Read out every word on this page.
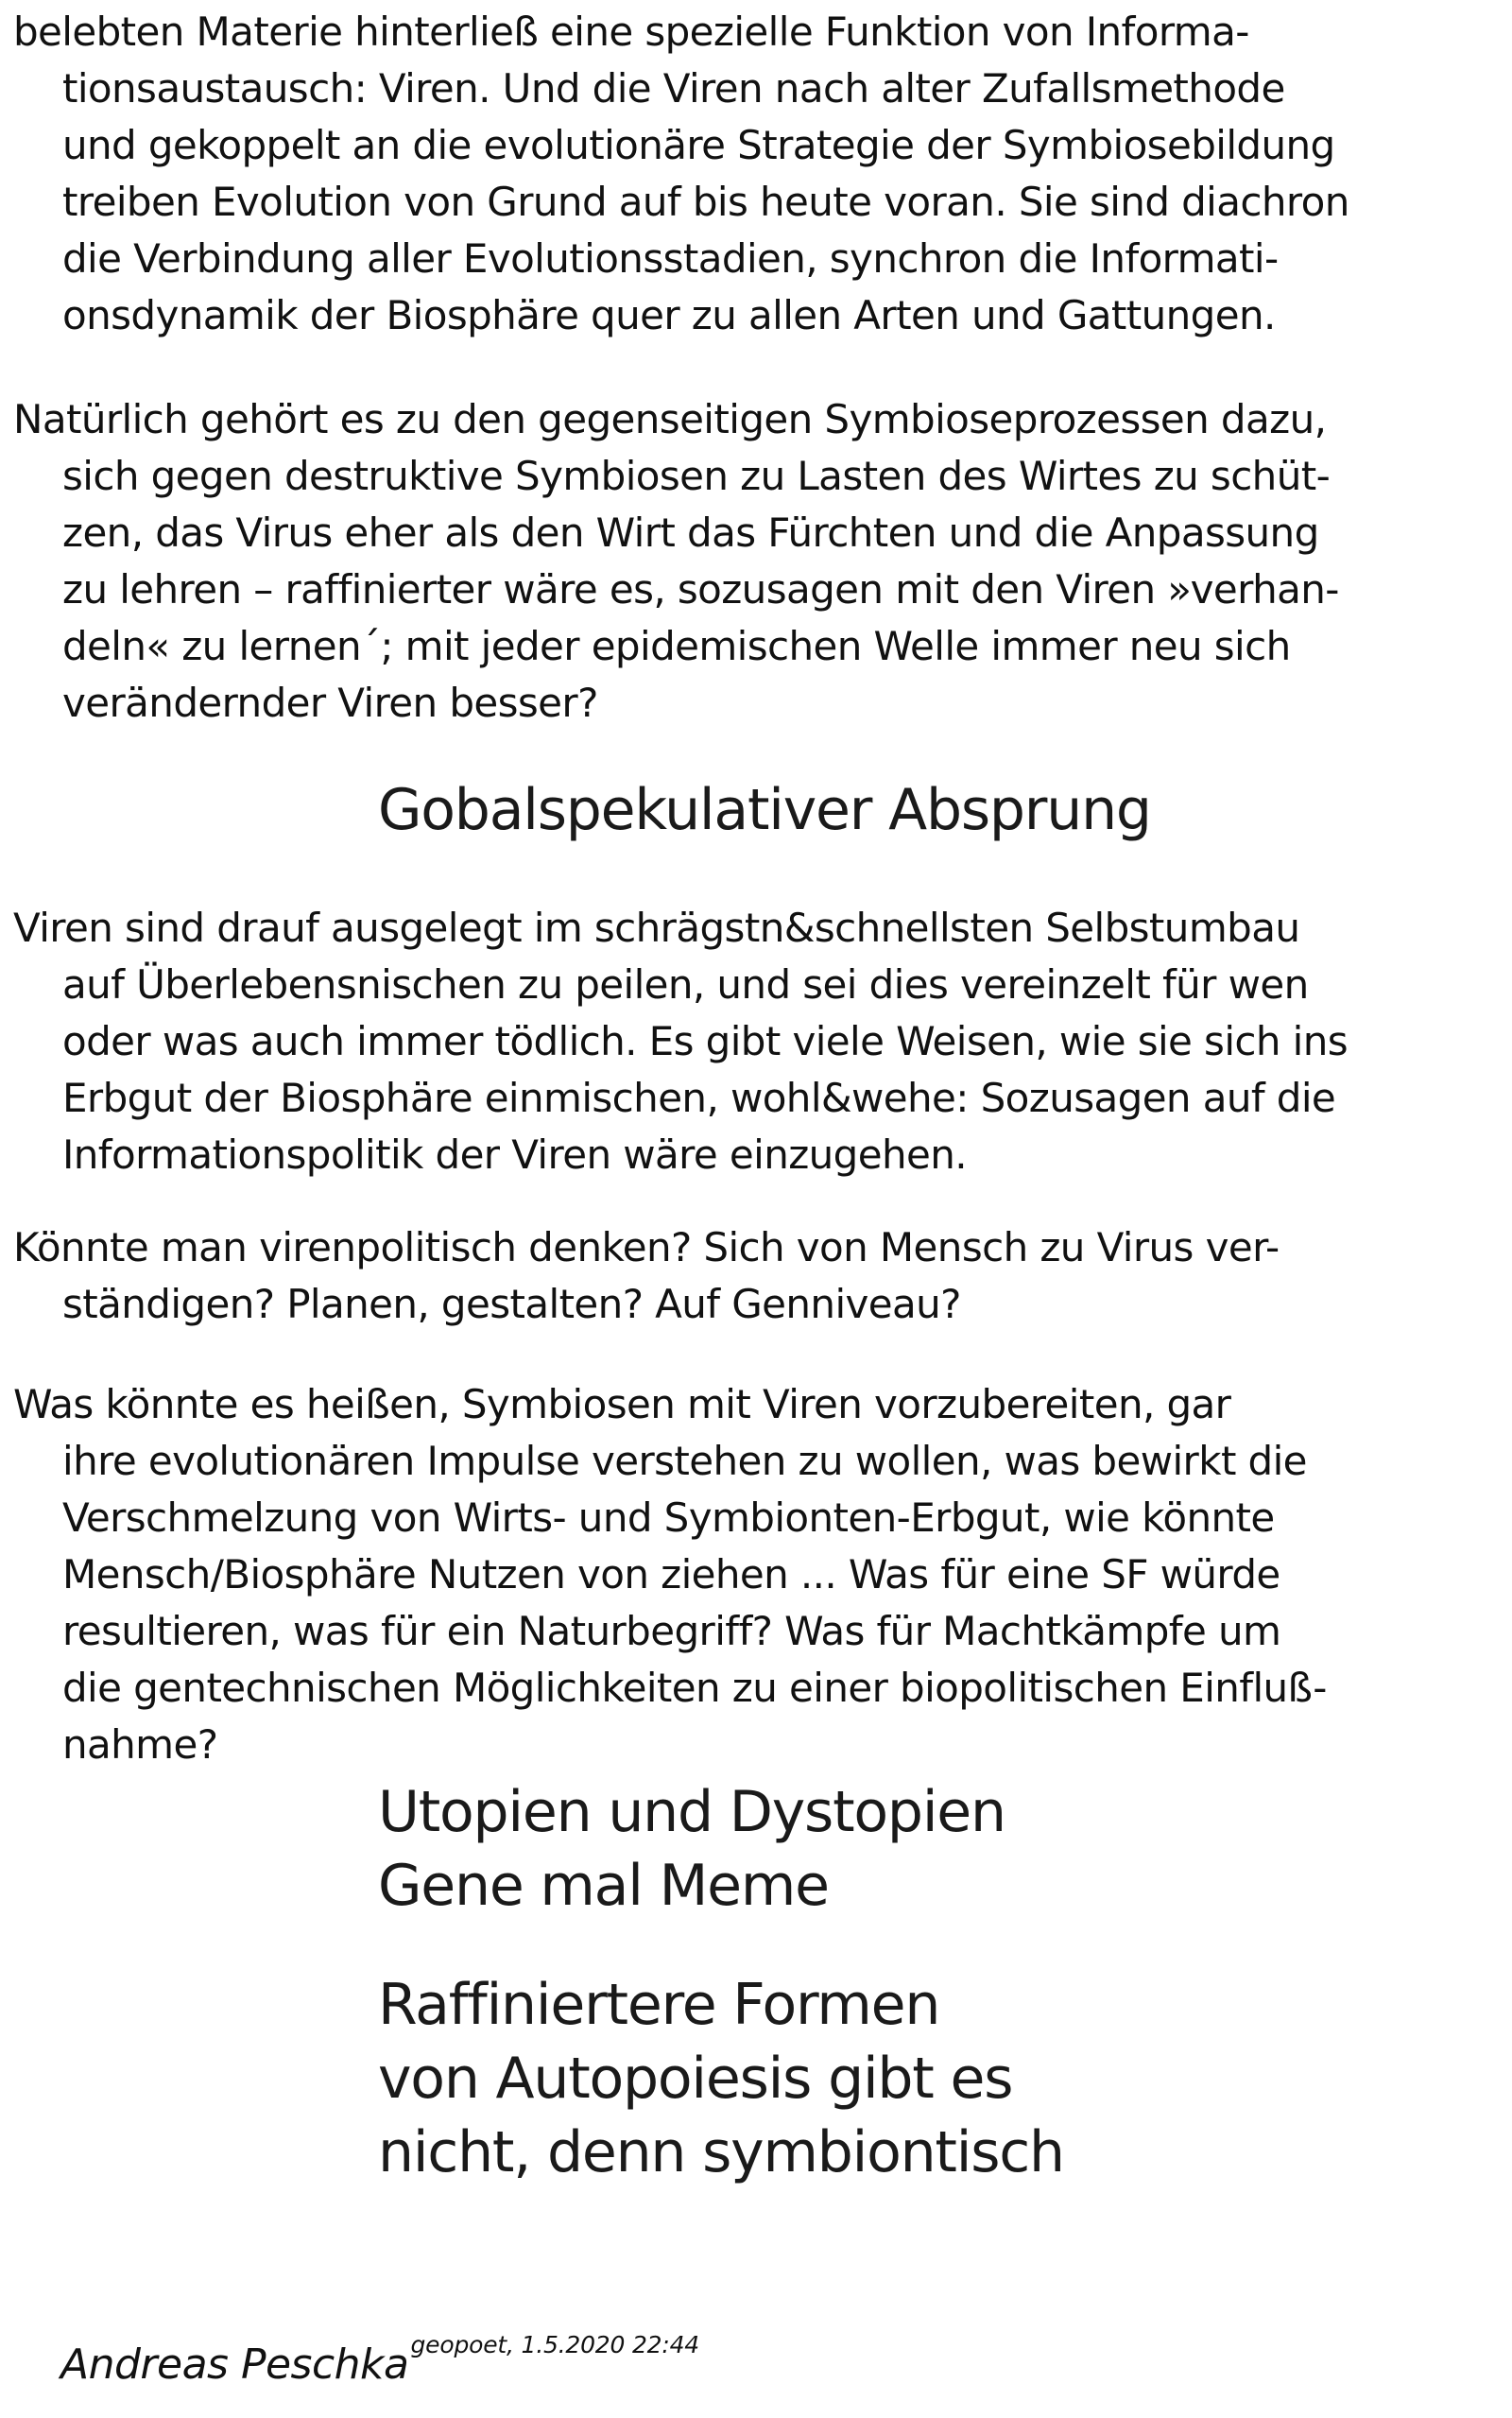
belebten Materie hinterließ eine spezielle Funktion von Informa-
tionsaustausch: Viren. Und die Viren nach alter Zufallsmethode
und gekoppelt an die evolutionäre Strategie der Symbiosebildung
treiben Evolution von Grund auf bis heute voran. Sie sind diachron
die Verbindung aller Evolutionsstadien, synchron die Informati-
onsdynamik der Biosphäre quer zu allen Arten und Gattungen.

Natürlich gehört es zu den gegenseitigen Symbioseprozessen dazu,
sich gegen destruktive Symbiosen zu Lasten des Wirtes zu schüt-
zen, das Virus eher als den Wirt das Fürchten und die Anpassung
zu lehren – raffinierter wäre es, sozusagen mit den Viren »verhan-
deln« zu lernen´; mit jeder epidemischen Welle immer neu sich
verändernder Viren besser?

Gobalspekulativer Absprung

Viren sind drauf ausgelegt im schrägstn&schnellsten Selbstumbau
auf Überlebensnischen zu peilen, und sei dies vereinzelt für wen
oder was auch immer tödlich. Es gibt viele Weisen, wie sie sich ins
Erbgut der Biosphäre einmischen, wohl&wehe: Sozusagen auf die
Informationspolitik der Viren wäre einzugehen.

Könnte man virenpolitisch denken? Sich von Mensch zu Virus ver-
ständigen? Planen, gestalten? Auf Genniveau?

Was könnte es heißen, Symbiosen mit Viren vorzubereiten, gar
ihre evolutionären Impulse verstehen zu wollen, was bewirkt die
Verschmelzung von Wirts- und Symbionten-Erbgut, wie könnte
Mensch/Biosphäre Nutzen von ziehen ... Was für eine SF würde
resultieren, was für ein Naturbegriff? Was für Machtkämpfe um
die gentechnischen Möglichkeiten zu einer biopolitischen Einfluß-
nahme?

Utopien und Dystopien
Gene mal Meme

Raffiniertere Formen
von Autopoiesis gibt es
nicht, denn symbiontisch

Andreas Peschka$^{geopoet, 1.5.2020 22:44}$
